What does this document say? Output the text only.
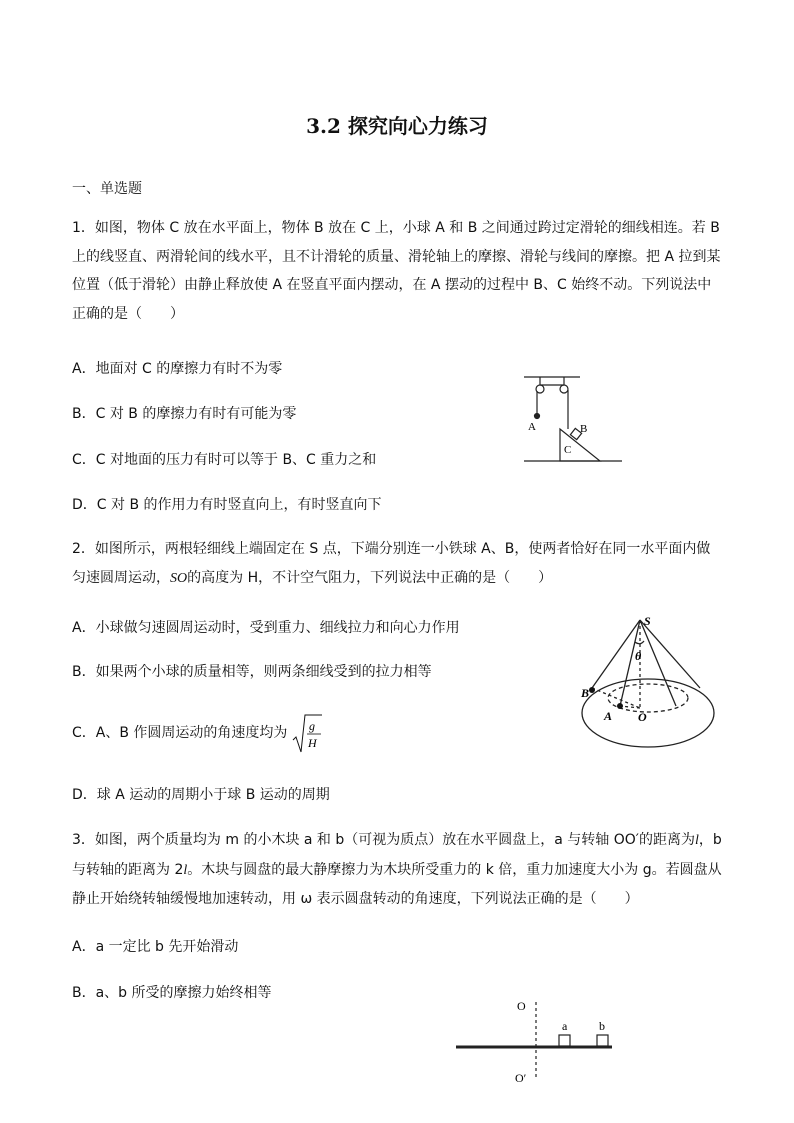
3.2 探究向心力练习
一、单选题
1．如图，物体 C 放在水平面上，物体 B 放在 C 上，小球 A 和 B 之间通过跨过定滑轮的细线相连。若 B 上的线竖直、两滑轮间的线水平，且不计滑轮的质量、滑轮轴上的摩擦、滑轮与线间的摩擦。把 A 拉到某位置（低于滑轮）由静止释放使 A 在竖直平面内摆动，在 A 摆动的过程中 B、C 始终不动。下列说法中正确的是（　　）
A．地面对 C 的摩擦力有时不为零
B．C 对 B 的摩擦力有时有可能为零
C．C 对地面的压力有时可以等于 B、C 重力之和
D．C 对 B 的作用力有时竖直向上，有时竖直向下
A	B
C
2．如图所示，两根轻细线上端固定在 S 点，下端分别连一小铁球 A、B，使两者恰好在同一水平面内做匀速圆周运动，SO的高度为 H，不计空气阻力，下列说法中正确的是（　　）
A．小球做匀速圆周运动时，受到重力、细线拉力和向心力作用
B．如果两个小球的质量相等，则两条细线受到的拉力相等
C．A、B 作圆周运动的角速度均为 g
H
D．球 A 运动的周期小于球 B 运动的周期
S
θ
B
A O
3．如图，两个质量均为 m 的小木块 a 和 b（可视为质点）放在水平圆盘上，a 与转轴 OO′的距离为l，b 与转轴的距离为 2l。木块与圆盘的最大静摩擦力为木块所受重力的 k 倍，重力加速度大小为 g。若圆盘从静止开始绕转轴缓慢地加速转动，用 ω 表示圆盘转动的角速度，下列说法正确的是（　　）
A．a 一定比 b 先开始滑动
B．a、b 所受的摩擦力始终相等
O
O′
a	b
